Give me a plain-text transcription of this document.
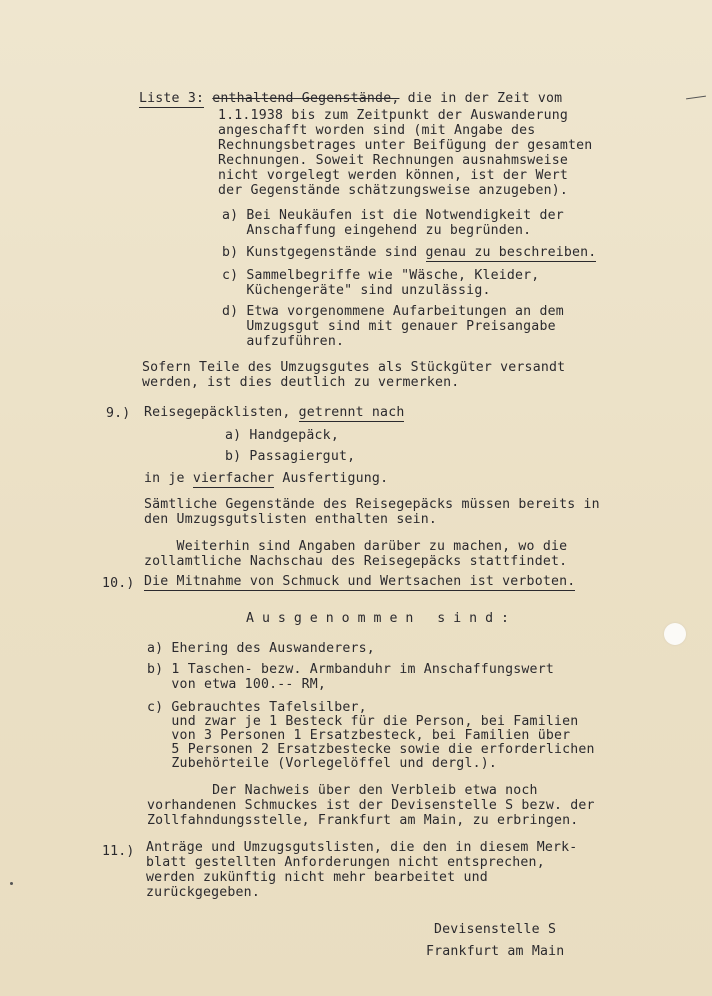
Liste 3: enthaltend Gegenstände, die in der Zeit vom
1.1.1938 bis zum Zeitpunkt der Auswanderung
angeschafft worden sind (mit Angabe des
Rechnungsbetrages unter Beifügung der gesamten
Rechnungen. Soweit Rechnungen ausnahmsweise
nicht vorgelegt werden können, ist der Wert
der Gegenstände schätzungsweise anzugeben).
a) Bei Neukäufen ist die Notwendigkeit der
Anschaffung eingehend zu begründen.
b) Kunstgegenstände sind genau zu beschreiben.
c) Sammelbegriffe wie "Wäsche, Kleider,
Küchengeräte" sind unzulässig.
d) Etwa vorgenommene Aufarbeitungen an dem
Umzugsgut sind mit genauer Preisangabe
aufzuführen.
Sofern Teile des Umzugsgutes als Stückgüter versandt
werden, ist dies deutlich zu vermerken.
9.) Reisegepäcklisten, getrennt nach
a) Handgepäck,
b) Passagiergut,
in je vierfacher Ausfertigung.
Sämtliche Gegenstände des Reisegepäcks müssen bereits in
den Umzugsgutslisten enthalten sein.
Weiterhin sind Angaben darüber zu machen, wo die
zollamtliche Nachschau des Reisegepäcks stattfindet.
10.) Die Mitnahme von Schmuck und Wertsachen ist verboten.
Ausgenommen sind:
a) Ehering des Auswanderers,
b) 1 Taschen- bezw. Armbanduhr im Anschaffungswert
von etwa 100.-- RM,
c) Gebrauchtes Tafelsilber,
und zwar je 1 Besteck für die Person, bei Familien
von 3 Personen 1 Ersatzbesteck, bei Familien über
5 Personen 2 Ersatzbestecke sowie die erforderlichen
Zubehörteile (Vorlegelöffel und dergl.).
Der Nachweis über den Verbleib etwa noch
vorhandenen Schmuckes ist der Devisenstelle S bezw. der
Zollfahndungsstelle, Frankfurt am Main, zu erbringen.
11.) Anträge und Umzugsgutslisten, die den in diesem Merk-
blatt gestellten Anforderungen nicht entsprechen,
werden zukünftig nicht mehr bearbeitet und
zurückgegeben.
Devisenstelle S
Frankfurt am Main
